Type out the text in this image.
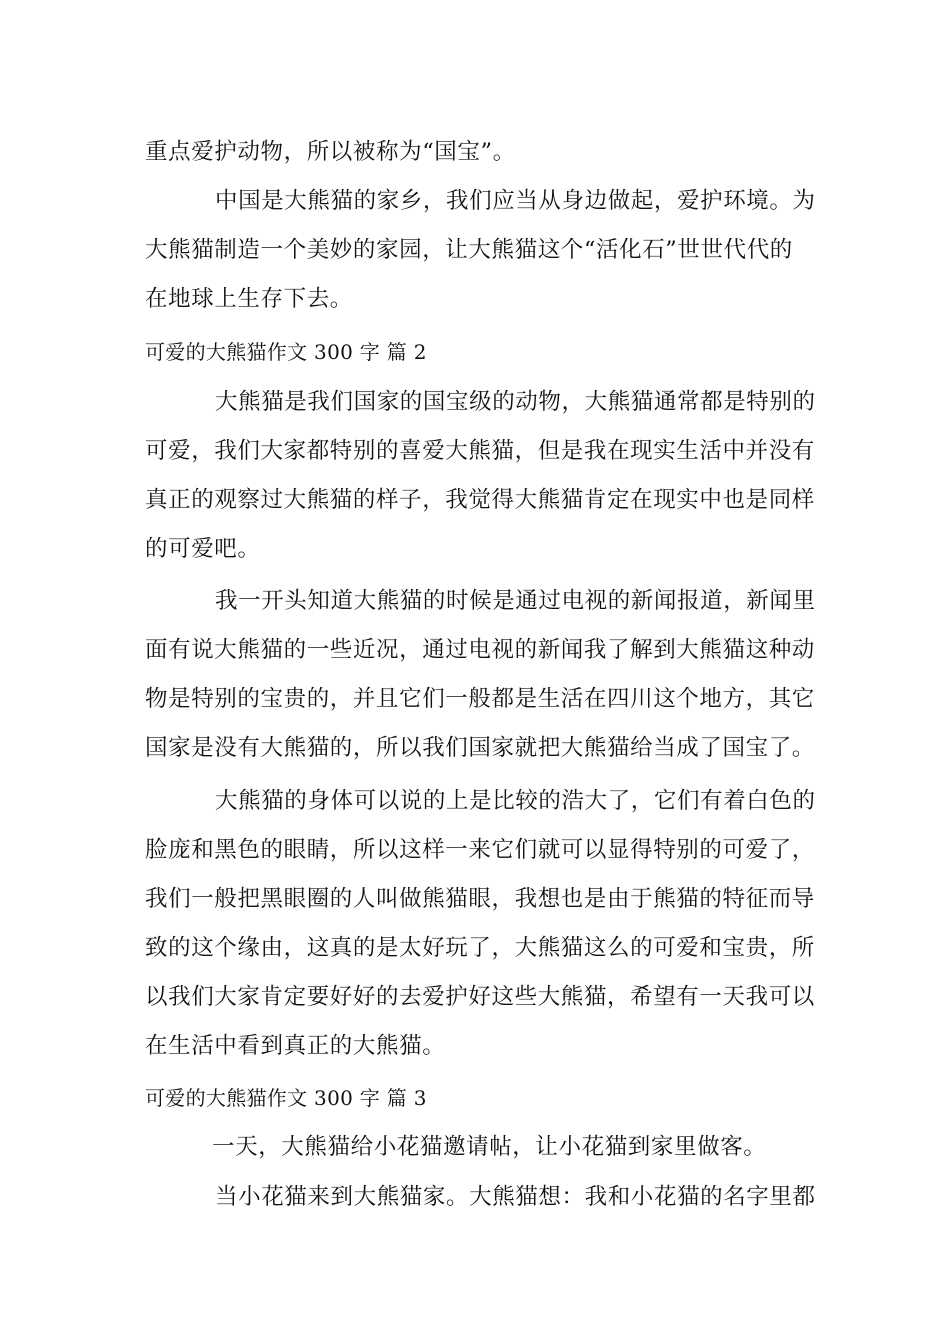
重点爱护动物，所以被称为“国宝”。
中国是大熊猫的家乡，我们应当从身边做起，爱护环境。为
大熊猫制造一个美妙的家园，让大熊猫这个“活化石”世世代代的
在地球上生存下去。
可爱的大熊猫作文 300 字 篇 2
大熊猫是我们国家的国宝级的动物，大熊猫通常都是特别的
可爱，我们大家都特别的喜爱大熊猫，但是我在现实生活中并没有
真正的观察过大熊猫的样子，我觉得大熊猫肯定在现实中也是同样
的可爱吧。
我一开头知道大熊猫的时候是通过电视的新闻报道，新闻里
面有说大熊猫的一些近况，通过电视的新闻我了解到大熊猫这种动
物是特别的宝贵的，并且它们一般都是生活在四川这个地方，其它
国家是没有大熊猫的，所以我们国家就把大熊猫给当成了国宝了。
大熊猫的身体可以说的上是比较的浩大了，它们有着白色的
脸庞和黑色的眼睛，所以这样一来它们就可以显得特别的可爱了，
我们一般把黑眼圈的人叫做熊猫眼，我想也是由于熊猫的特征而导
致的这个缘由，这真的是太好玩了，大熊猫这么的可爱和宝贵，所
以我们大家肯定要好好的去爱护好这些大熊猫，希望有一天我可以
在生活中看到真正的大熊猫。
可爱的大熊猫作文 300 字 篇 3
一天，大熊猫给小花猫邀请帖，让小花猫到家里做客。
当小花猫来到大熊猫家。大熊猫想：我和小花猫的名字里都
